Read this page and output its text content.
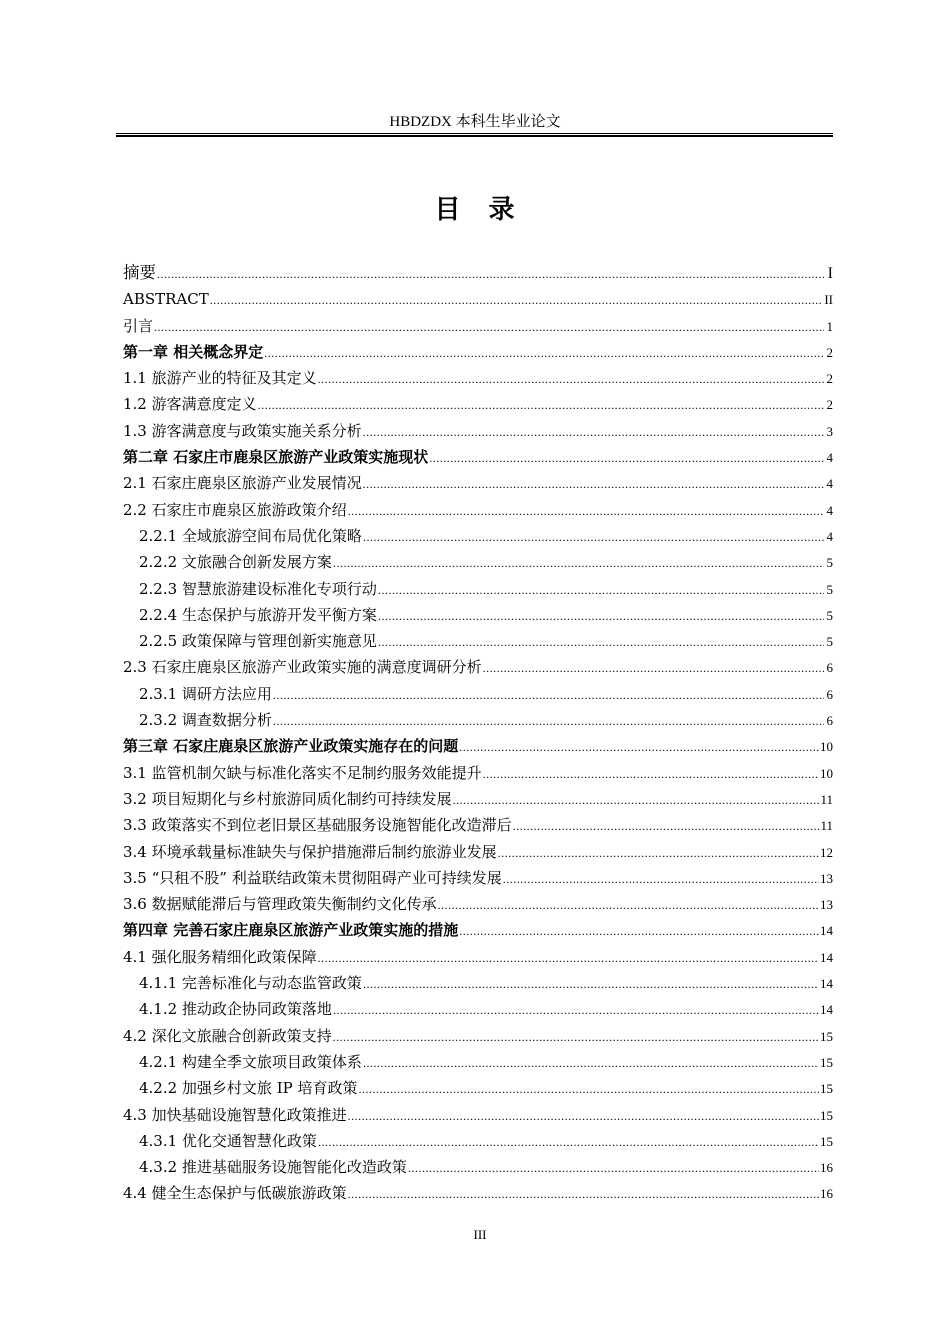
HBDZDX 本科生毕业论文
目　录
摘要 .....	I
ABSTRACT .....	II
引言 .....	1
第一章 相关概念界定 .....	2
1.1 旅游产业的特征及其定义 .....	2
1.2 游客满意度定义 .....	2
1.3 游客满意度与政策实施关系分析 .....	3
第二章 石家庄市鹿泉区旅游产业政策实施现状 .....	4
2.1 石家庄鹿泉区旅游产业发展情况 .....	4
2.2 石家庄市鹿泉区旅游政策介绍 .....	4
2.2.1 全域旅游空间布局优化策略 .....	4
2.2.2 文旅融合创新发展方案 .....	5
2.2.3 智慧旅游建设标准化专项行动 .....	5
2.2.4 生态保护与旅游开发平衡方案 .....	5
2.2.5 政策保障与管理创新实施意见 .....	5
2.3 石家庄鹿泉区旅游产业政策实施的满意度调研分析 .....	6
2.3.1 调研方法应用 .....	6
2.3.2 调查数据分析 .....	6
第三章 石家庄鹿泉区旅游产业政策实施存在的问题 .....	10
3.1 监管机制欠缺与标准化落实不足制约服务效能提升 .....	10
3.2 项目短期化与乡村旅游同质化制约可持续发展 .....	11
3.3 政策落实不到位老旧景区基础服务设施智能化改造滞后 .....	11
3.4 环境承载量标准缺失与保护措施滞后制约旅游业发展 .....	12
3.5 “只租不股” 利益联结政策未贯彻阻碍产业可持续发展 .....	13
3.6 数据赋能滞后与管理政策失衡制约文化传承 .....	13
第四章 完善石家庄鹿泉区旅游产业政策实施的措施 .....	14
4.1 强化服务精细化政策保障 .....	14
4.1.1 完善标准化与动态监管政策 .....	14
4.1.2 推动政企协同政策落地 .....	14
4.2 深化文旅融合创新政策支持 .....	15
4.2.1 构建全季文旅项目政策体系 .....	15
4.2.2 加强乡村文旅 IP 培育政策 .....	15
4.3 加快基础设施智慧化政策推进 .....	15
4.3.1 优化交通智慧化政策 .....	15
4.3.2 推进基础服务设施智能化改造政策 .....	16
4.4 健全生态保护与低碳旅游政策 .....	16
III
